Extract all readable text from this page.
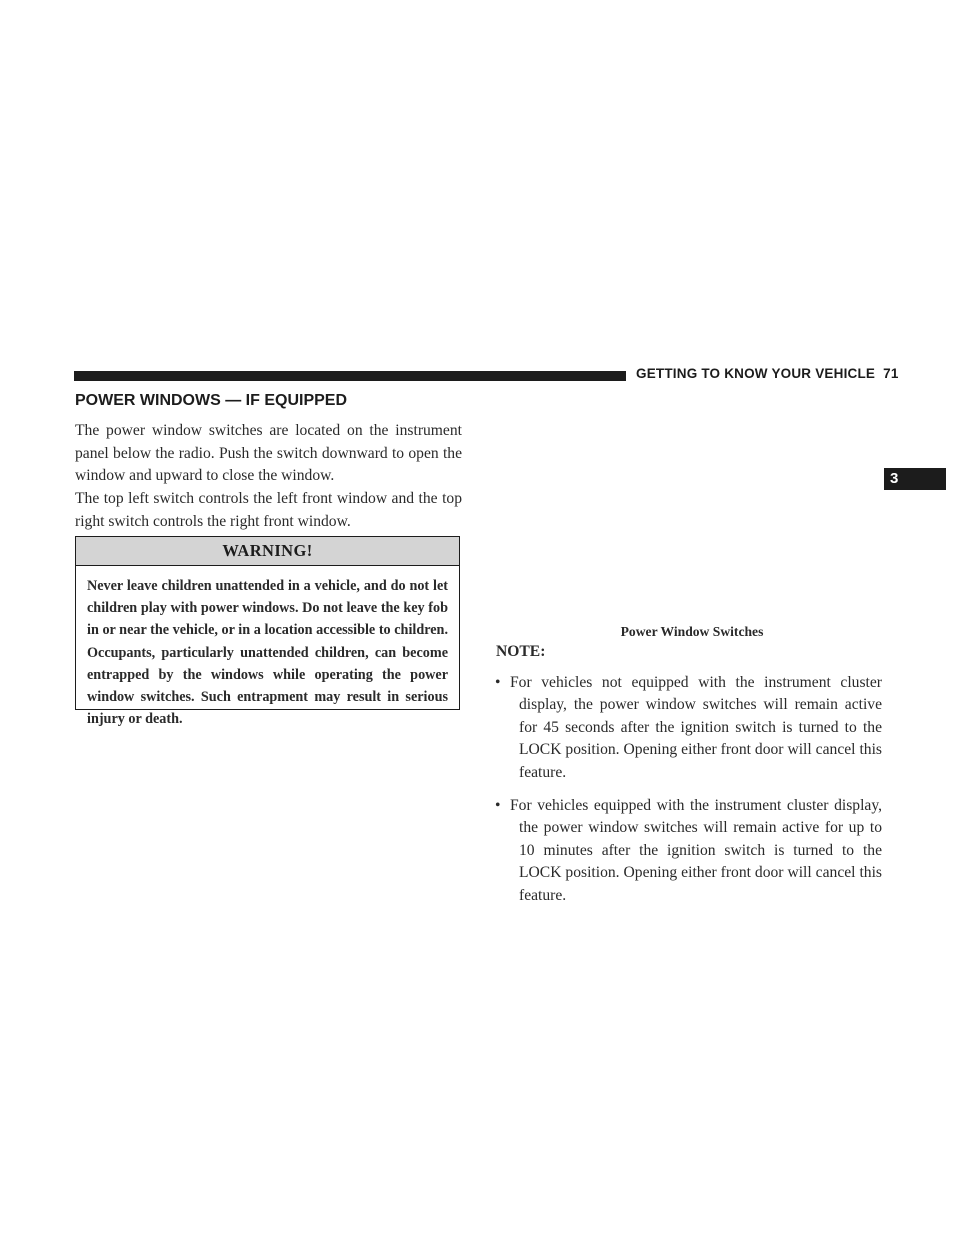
GETTING TO KNOW YOUR VEHICLE 71
3
POWER WINDOWS — IF EQUIPPED

The power window switches are located on the instrument panel below the radio. Push the switch downward to open the window and upward to close the window.

The top left switch controls the left front window and the top right switch controls the right front window.

WARNING!

Never leave children unattended in a vehicle, and do not let children play with power windows. Do not leave the key fob in or near the vehicle, or in a location accessible to children. Occupants, particularly unattended children, can become entrapped by the windows while operating the power window switches. Such entrapment may result in serious injury or death.

Power Window Switches
NOTE:
• For vehicles not equipped with the instrument cluster display, the power window switches will remain active for 45 seconds after the ignition switch is turned to the LOCK position. Opening either front door will cancel this feature.
• For vehicles equipped with the instrument cluster display, the power window switches will remain active for up to 10 minutes after the ignition switch is turned to the LOCK position. Opening either front door will cancel this feature.
